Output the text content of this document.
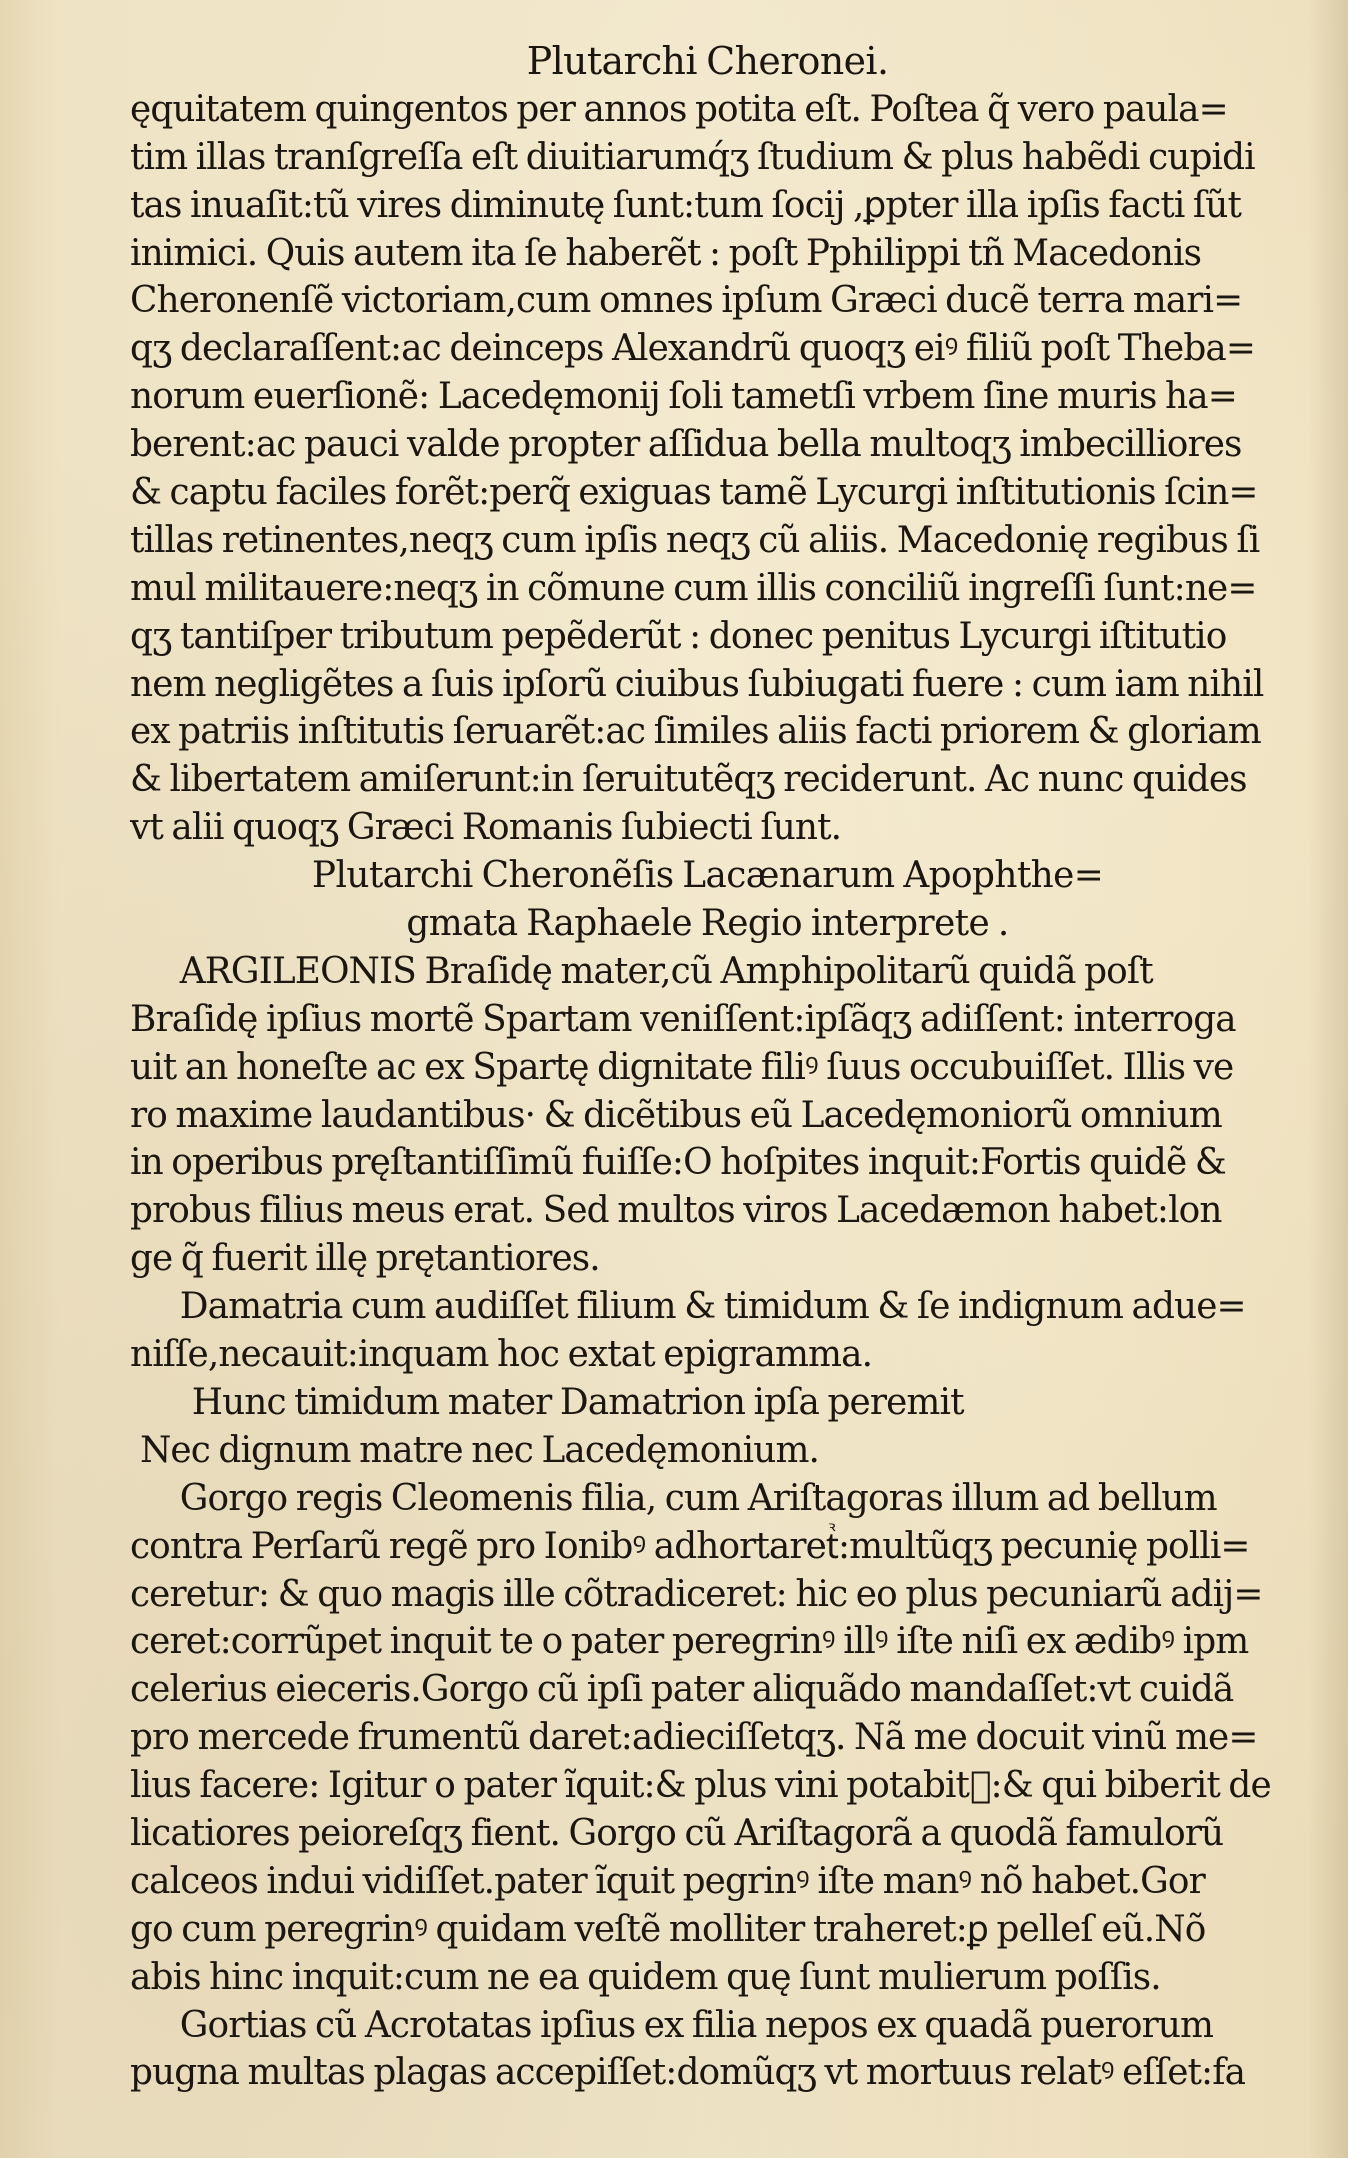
Plutarchi Cheronei.
ęquitatem quingentos per annos potita eſt. Poſtea q̃ vero paula=
tim illas tranſgreſſa eſt diuitiarumq́ʒ ſtudium & plus habẽdi cupidi
tas inuaſit:tũ vires diminutę ſunt:tum ſocij ,ꝑpter illa ipſis facti ſũt
inimici. Quis autem ita ſe haberẽt : poſt Pphilippi tñ Macedonis
Cheronenſẽ victoriam,cum omnes ipſum Græci ducẽ terra mari=
qʒ declaraſſent:ac deinceps Alexandrũ quoqʒ eiꝰ filiũ poſt Theba=
norum euerſionẽ: Lacedęmonij ſoli tametſi vrbem ſine muris ha=
berent:ac pauci valde propter aſſidua bella multoqʒ imbecilliores
& captu faciles forẽt:perq̃ exiguas tamẽ Lycurgi inſtitutionis ſcin=
tillas retinentes,neqʒ cum ipſis neqʒ cũ aliis. Macedonię regibus ſi
mul militauere:neqʒ in cõmune cum illis conciliũ ingreſſi ſunt:ne=
qʒ tantiſper tributum pepẽderũt : donec penitus Lycurgi iſtitutio
nem negligẽtes a ſuis ipſorũ ciuibus ſubiugati fuere : cum iam nihil
ex patriis inſtitutis ſeruarẽt:ac ſimiles aliis facti priorem & gloriam
& libertatem amiſerunt:in ſeruitutẽqʒ reciderunt. Ac nunc quides
vt alii quoqʒ Græci Romanis ſubiecti ſunt.
Plutarchi Cheronẽſis Lacænarum Apophthe=
gmata Raphaele Regio interprete .
ARGILEONIS Braſidę mater,cũ Amphipolitarũ quidã poſt
Braſidę ipſius mortẽ Spartam veniſſent:ipſãqʒ adiſſent: interroga
uit an honeſte ac ex Spartę dignitate filiꝰ ſuus occubuiſſet. Illis ve
ro maxime laudantibus· & dicẽtibus eũ Lacedęmoniorũ omnium
in operibus pręſtantiſſimũ fuiſſe:O hoſpites inquit:Fortis quidẽ &
probus filius meus erat. Sed multos viros Lacedæmon habet:lon
ge q̃ fuerit illę prętantiores.
Damatria cum audiſſet filium & timidum & ſe indignum adue=
niſſe,necauit:inquam hoc extat epigramma.
Hunc timidum mater Damatrion ipſa peremit
Nec dignum matre nec Lacedęmonium.
Gorgo regis Cleomenis filia, cum Ariſtagoras illum ad bellum
contra Perſarũ regẽ pro Ionibꝰ adhortaretᷣ:multũqʒ pecunię polli=
ceretur: & quo magis ille cõtradiceret: hic eo plus pecuniarũ adij=
ceret:corrũpet inquit te o pater peregrinꝰ illꝰ iſte niſi ex ædibꝰ ipm
celerius eieceris.Gorgo cũ ipſi pater aliquãdo mandaſſet:vt cuidã
pro mercede frumentũ daret:adieciſſetqʒ. Nã me docuit vinũ me=
lius facere: Igitur o pater ĩquit:& plus vini potabitᷣ:& qui biberit de
licatiores peioreſqʒ fient. Gorgo cũ Ariſtagorã a quodã famulorũ
calceos indui vidiſſet.pater ĩquit pegrinꝰ iſte manꝰ nõ habet.Gor
go cum peregrinꝰ quidam veſtẽ molliter traheret:ꝑ pelleſ eũ.Nõ
abis hinc inquit:cum ne ea quidem quę ſunt mulierum poſſis.
Gortias cũ Acrotatas ipſius ex filia nepos ex quadã puerorum
pugna multas plagas accepiſſet:domũqʒ vt mortuus relatꝰ eſſet:fa
